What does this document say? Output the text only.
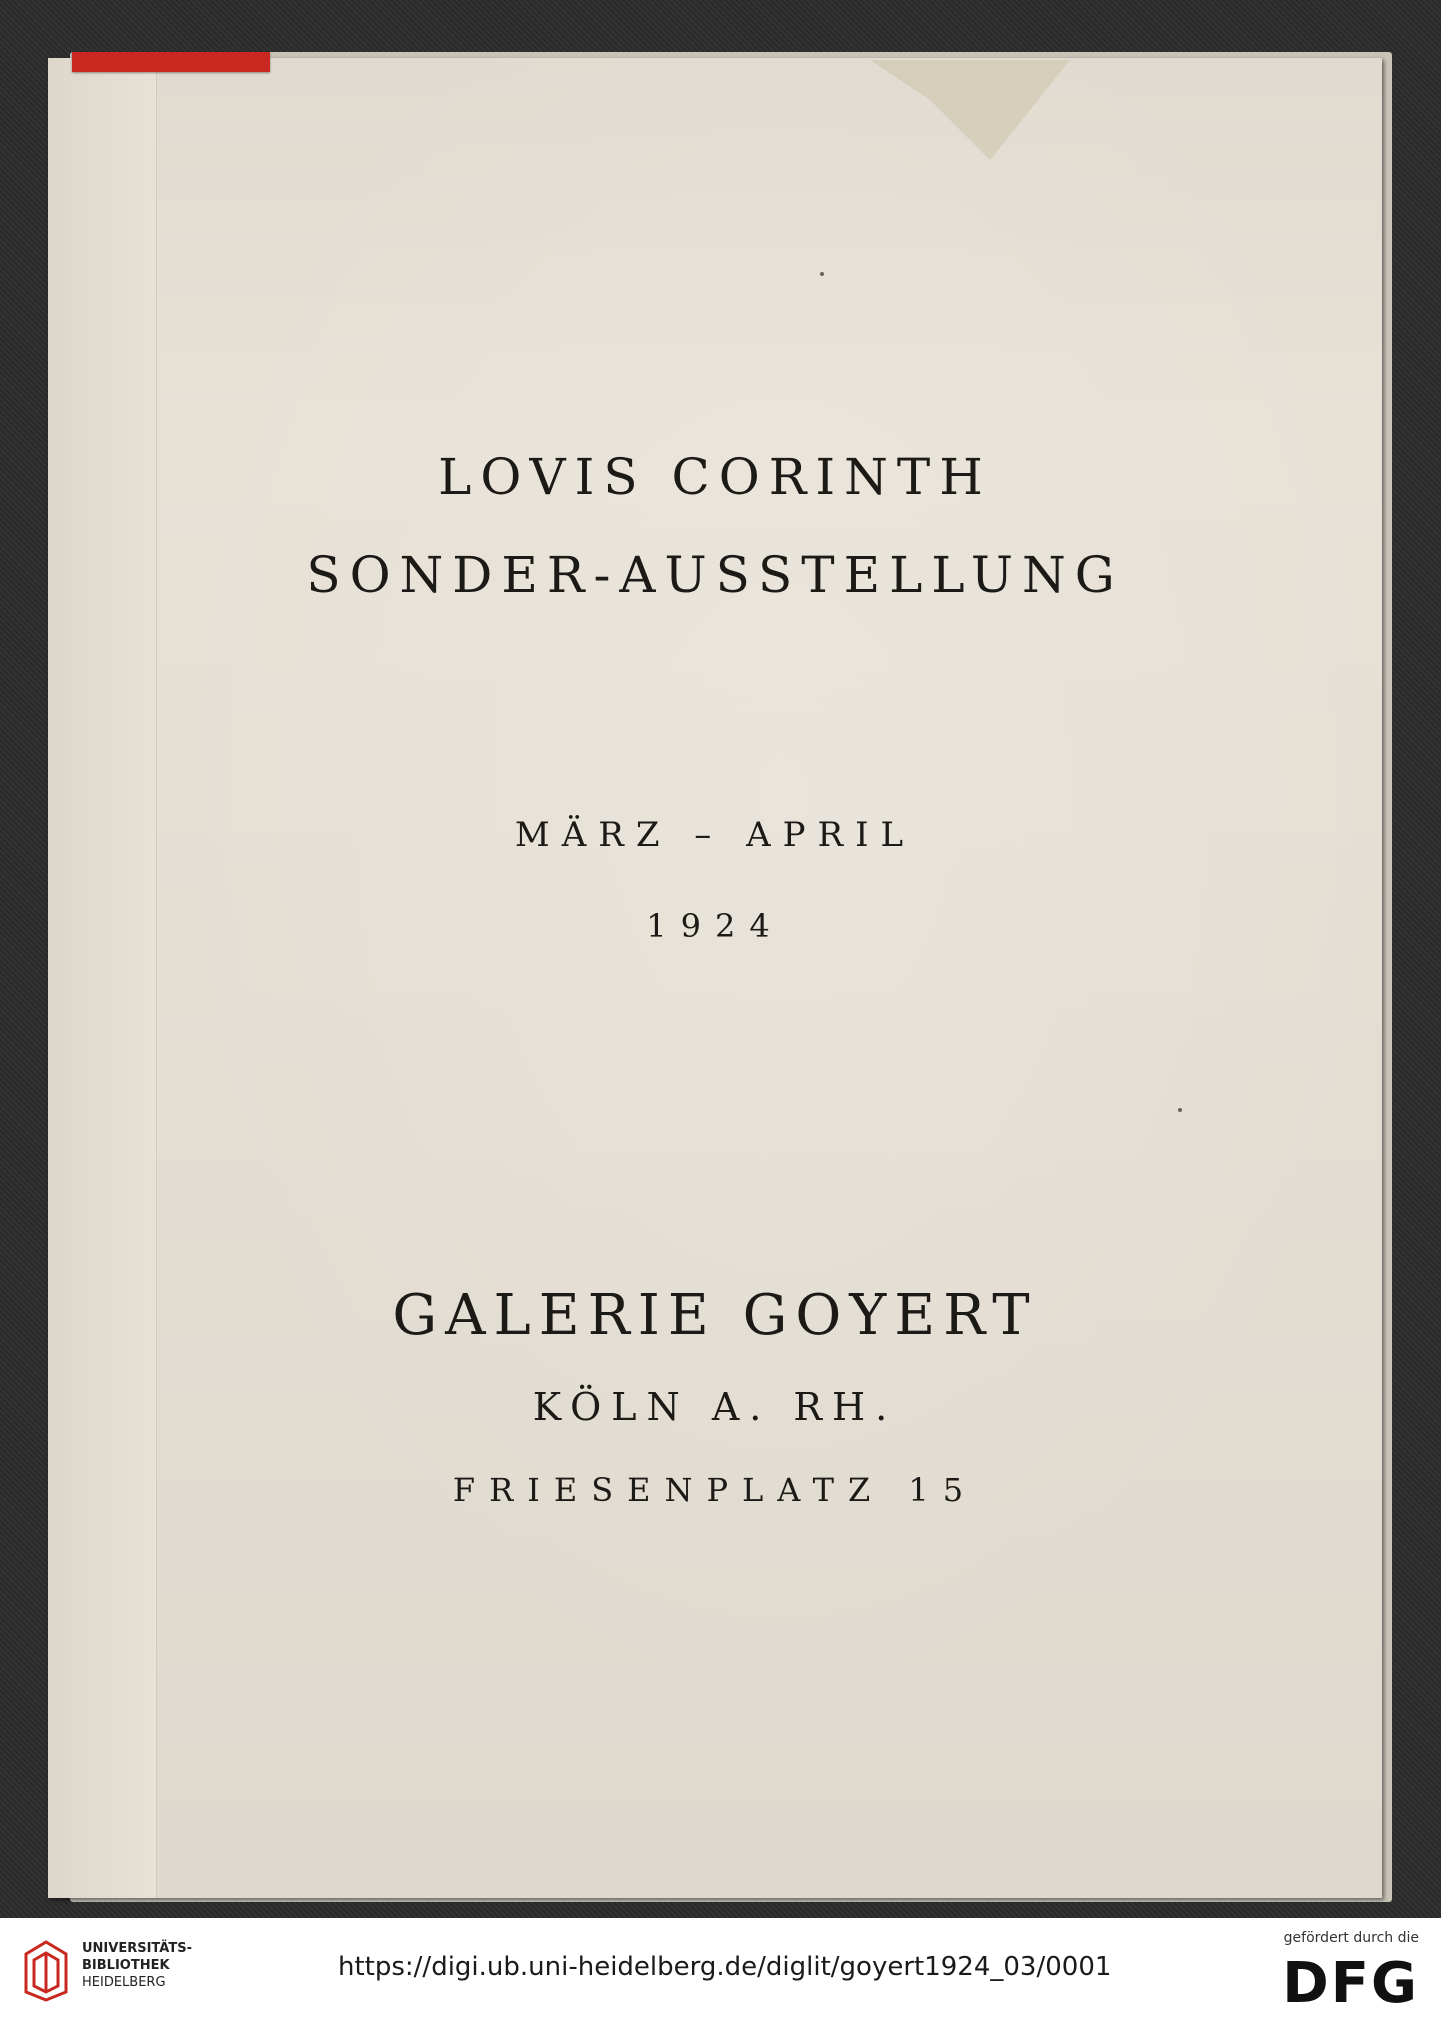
LOVIS CORINTH
SONDER-AUSSTELLUNG
MÄRZ – APRIL
1924
GALERIE GOYERT
KÖLN A. RH.
FRIESENPLATZ 15
UNIVERSITÄTS-
BIBLIOTHEK
HEIDELBERG
https://digi.ub.uni-heidelberg.de/diglit/goyert1924_03/0001
gefördert durch die
DFG
